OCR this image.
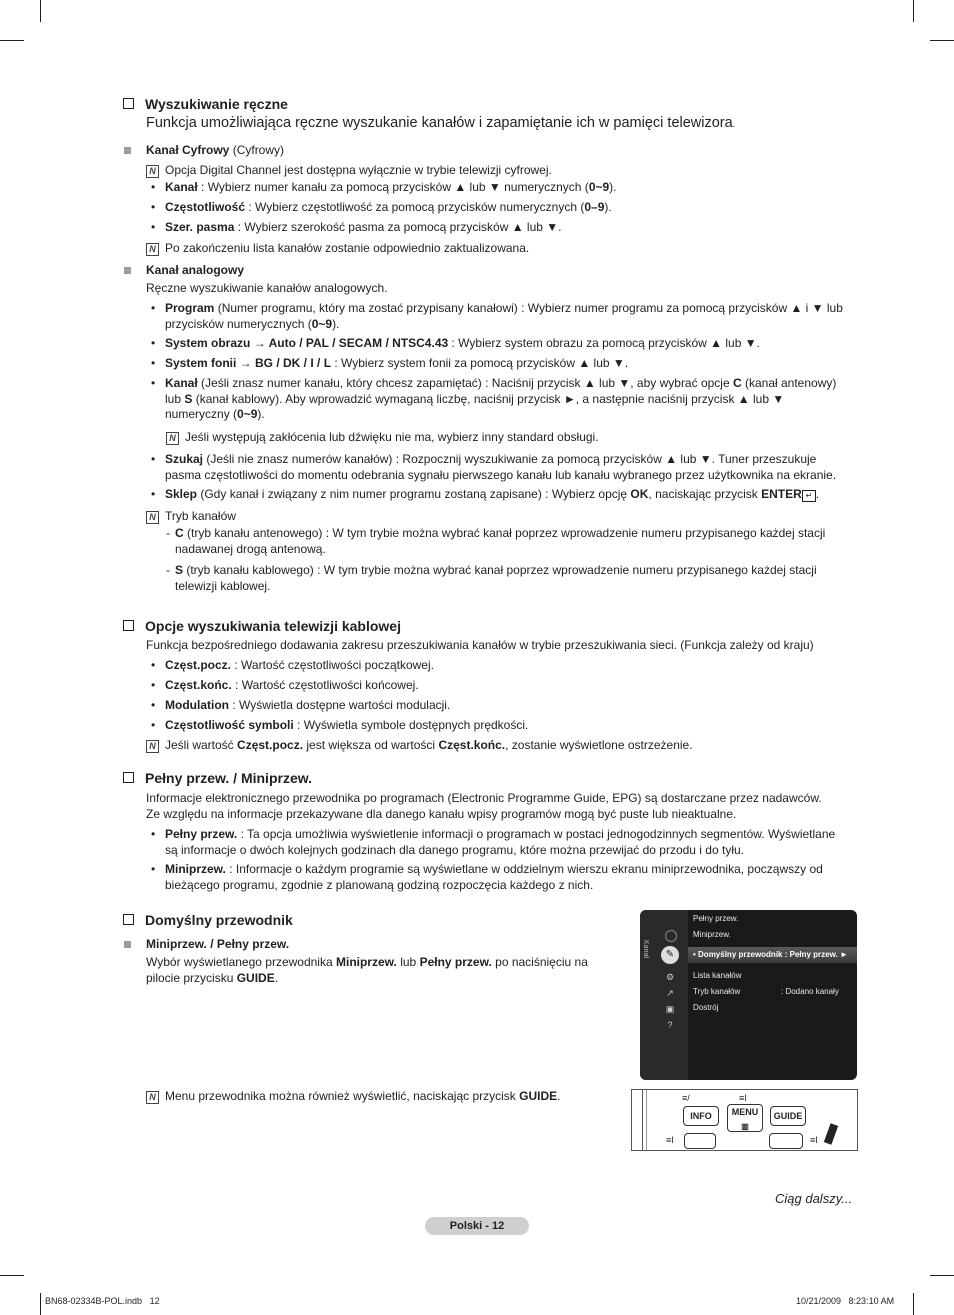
Wyszukiwanie ręczne
Funkcja umożliwiająca ręczne wyszukanie kanałów i zapamiętanie ich w pamięci telewizora.
Kanał Cyfrowy (Cyfrowy)
N Opcja Digital Channel jest dostępna wyłącznie w trybie telewizji cyfrowej.
• Kanał : Wybierz numer kanału za pomocą przycisków ▲ lub ▼ numerycznych (0~9).
• Częstotliwość : Wybierz częstotliwość za pomocą przycisków numerycznych (0–9).
• Szer. pasma : Wybierz szerokość pasma za pomocą przycisków ▲ lub ▼.
N Po zakończeniu lista kanałów zostanie odpowiednio zaktualizowana.
Kanał analogowy
Ręczne wyszukiwanie kanałów analogowych.
• Program (Numer programu, który ma zostać przypisany kanałowi) : Wybierz numer programu za pomocą przycisków ▲ i ▼ lub
przycisków numerycznych (0~9).
• System obrazu → Auto / PAL / SECAM / NTSC4.43 : Wybierz system obrazu za pomocą przycisków ▲ lub ▼.
• System fonii → BG / DK / I / L : Wybierz system fonii za pomocą przycisków ▲ lub ▼.
• Kanał (Jeśli znasz numer kanału, który chcesz zapamiętać) : Naciśnij przycisk ▲ lub ▼, aby wybrać opcje C (kanał antenowy)
lub S (kanał kablowy). Aby wprowadzić wymaganą liczbę, naciśnij przycisk ►, a następnie naciśnij przycisk ▲ lub ▼
numeryczny (0~9).
N Jeśli występują zakłócenia lub dźwięku nie ma, wybierz inny standard obsługi.
• Szukaj (Jeśli nie znasz numerów kanałów) : Rozpocznij wyszukiwanie za pomocą przycisków ▲ lub ▼. Tuner przeszukuje
pasma częstotliwości do momentu odebrania sygnału pierwszego kanału lub kanału wybranego przez użytkownika na ekranie.
• Sklep (Gdy kanał i związany z nim numer programu zostaną zapisane) : Wybierz opcję OK, naciskając przycisk ENTER ↵ .
N Tryb kanałów
- C (tryb kanału antenowego) : W tym trybie można wybrać kanał poprzez wprowadzenie numeru przypisanego każdej stacji
nadawanej drogą antenową.
- S (tryb kanału kablowego) : W tym trybie można wybrać kanał poprzez wprowadzenie numeru przypisanego każdej stacji
telewizji kablowej.
Opcje wyszukiwania telewizji kablowej
Funkcja bezpośredniego dodawania zakresu przeszukiwania kanałów w trybie przeszukiwania sieci. (Funkcja zależy od kraju)
• Częst.pocz. : Wartość częstotliwości początkowej.
• Częst.końc. : Wartość częstotliwości końcowej.
• Modulation : Wyświetla dostępne wartości modulacji.
• Częstotliwość symboli : Wyświetla symbole dostępnych prędkości.
N Jeśli wartość Częst.pocz. jest większa od wartości Częst.końc., zostanie wyświetlone ostrzeżenie.
Pełny przew. / Miniprzew.
Informacje elektronicznego przewodnika po programach (Electronic Programme Guide, EPG) są dostarczane przez nadawców.
Ze względu na informacje przekazywane dla danego kanału wpisy programów mogą być puste lub nieaktualne.
• Pełny przew. : Ta opcja umożliwia wyświetlenie informacji o programach w postaci jednogodzinnych segmentów. Wyświetlane
są informacje o dwóch kolejnych godzinach dla danego programu, które można przewijać do przodu i do tyłu.
• Miniprzew. : Informacje o każdym programie są wyświetlane w oddzielnym wierszu ekranu miniprzewodnika, począwszy od
bieżącego programu, zgodnie z planowaną godziną rozpoczęcia każdego z nich.
Domyślny przewodnik
Miniprzew. / Pełny przew.
Wybór wyświetlanego przewodnika Miniprzew. lub Pełny przew. po naciśnięciu na
pilocie przycisku GUIDE.
N Menu przewodnika można również wyświetlić, naciskając przycisk GUIDE.
Kanał	✎
⚙
↗
▣
?
Pełny przew.
Miniprzew.
• Domyślny przewodnik : Pełny przew. ►
Lista kanałów
Tryb kanałów	: Dodano kanały
Dostrój
≡/	≡I
INFO	MENU
▥
GUIDE
≡I	≡I
Ciąg dalszy...
Polski - 12
BN68-02334B-POL.indb   12	10/21/2009   8:23:10 AM
